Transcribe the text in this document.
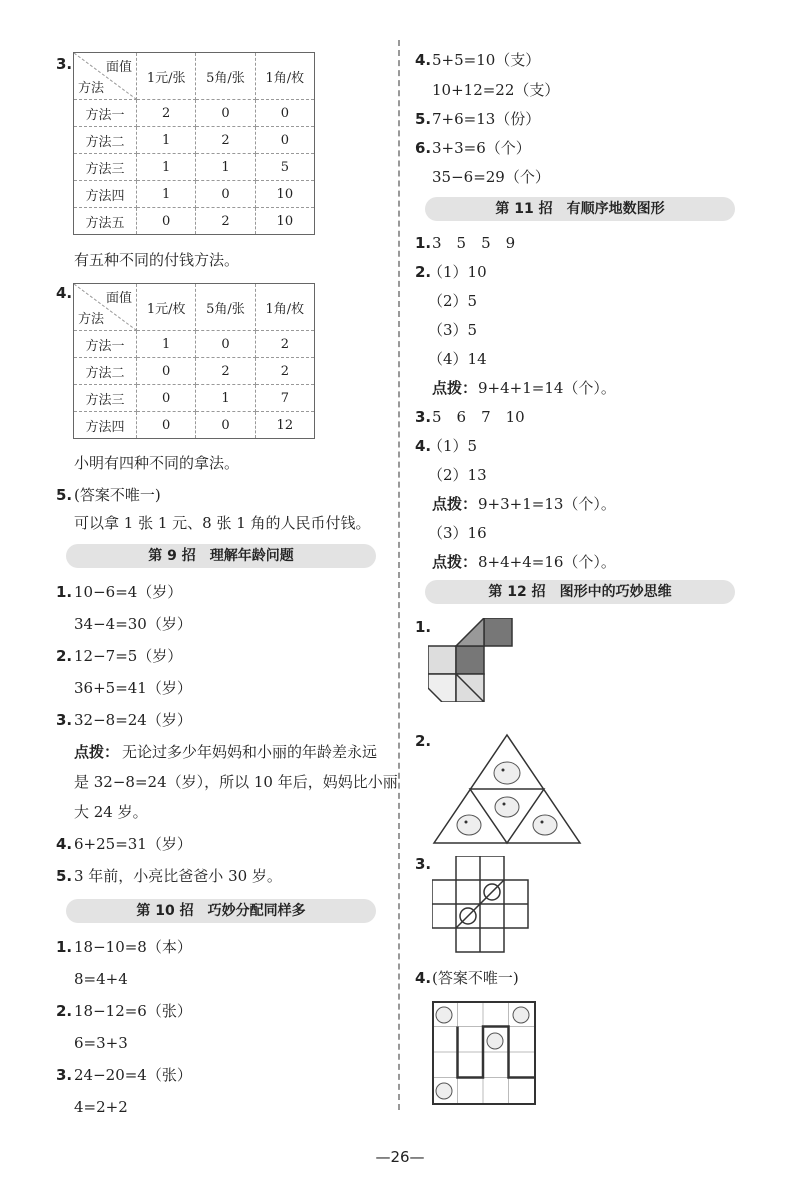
3.	面值
方法	1元/张	5角/张	1角/枚
方法一	2	0	0
方法二	1	2	0
方法三	1	1	5
方法四	1	0	10
方法五	0	2	10
有五种不同的付钱方法。
4.	面值
方法	1元/枚	5角/张	1角/枚
方法一	1	0	2
方法二	0	2	2
方法三	0	1	7
方法四	0	0	12
小明有四种不同的拿法。
5. (答案不唯一)
可以拿 1 张 1 元、8 张 1 角的人民币付钱。
第 9 招　理解年龄问题
1. 10−6=4（岁）
34−4=30（岁）
2. 12−7=5（岁）
36+5=41（岁）
3. 32−8=24（岁）
点拨： 无论过多少年妈妈和小丽的年龄差永远
是 32−8=24（岁），所以 10 年后，妈妈比小丽
大 24 岁。
4. 6+25=31（岁）
5. 3 年前，小亮比爸爸小 30 岁。
第 10 招　巧妙分配同样多
1. 18−10=8（本）
8=4+4
2. 18−12=6（张）
6=3+3
3. 24−20=4（张）
4=2+2
4. 5+5=10（支）
10+12=22（支）
5. 7+6=13（份）
6. 3+3=6（个）
35−6=29（个）
第 11 招　有顺序地数图形
1. 3　5　5　9
2.
（1）10
（2）5
（3）5
（4）14
点拨： 9+4+1=14（个）。
3. 5　6　7　10
4.
（1）5
（2）13
点拨： 9+3+1=13（个）。
（3）16
点拨： 8+4+4=16（个）。
第 12 招　图形中的巧妙思维
1.
2.
3.
4. (答案不唯一)
—26—
